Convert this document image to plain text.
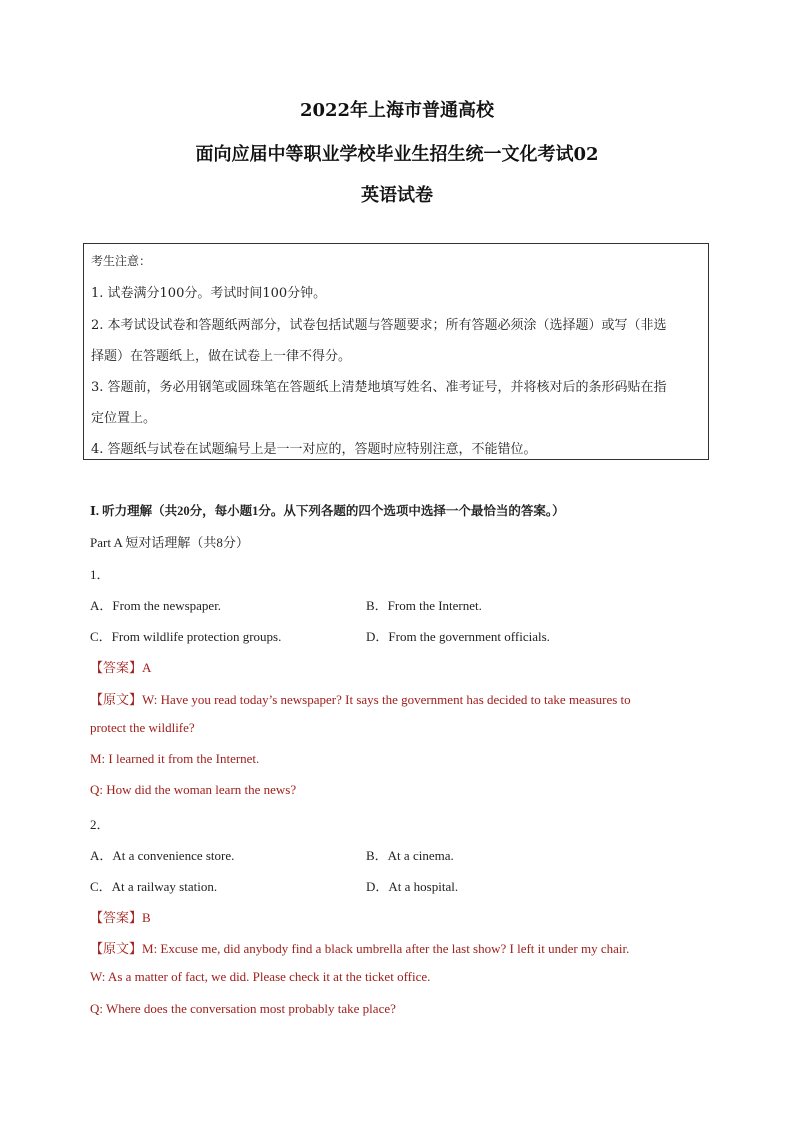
2022年上海市普通高校
面向应届中等职业学校毕业生招生统一文化考试02
英语试卷
考生注意：
1. 试卷满分100分。考试时间100分钟。
2. 本考试设试卷和答题纸两部分，试卷包括试题与答题要求；所有答题必须涂（选择题）或写（非选
择题）在答题纸上，做在试卷上一律不得分。
3. 答题前，务必用钢笔或圆珠笔在答题纸上清楚地填写姓名、准考证号，并将核对后的条形码贴在指
定位置上。
4. 答题纸与试卷在试题编号上是一一对应的，答题时应特别注意，不能错位。
Ⅰ. 听力理解（共20分，每小题1分。从下列各题的四个选项中选择一个最恰当的答案。）
Part A 短对话理解（共8分）
1．
A．From the newspaper.	B．From the Internet.
C．From wildlife protection groups.	D．From the government officials.
【答案】A
【原文】W: Have you read today’s newspaper? It says the government has decided to take measures to
protect the wildlife?
M: I learned it from the Internet.
Q: How did the woman learn the news?
2．
A．At a convenience store.	B．At a cinema.
C．At a railway station.	D．At a hospital.
【答案】B
【原文】M: Excuse me, did anybody find a black umbrella after the last show? I left it under my chair.
W: As a matter of fact, we did. Please check it at the ticket office.
Q: Where does the conversation most probably take place?
